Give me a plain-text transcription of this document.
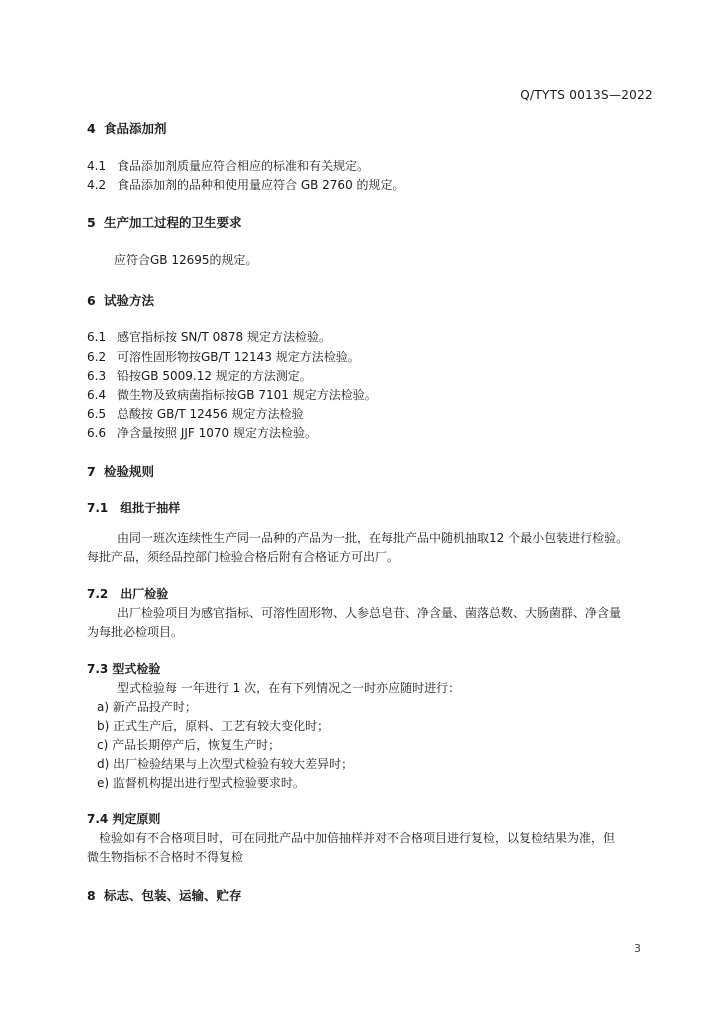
Q/TYTS 0013S—2022

4 食品添加剂

4.1 食品添加剂质量应符合相应的标准和有关规定。

4.2 食品添加剂的品种和使用量应符合 GB 2760 的规定。

5 生产加工过程的卫生要求

应符合GB 12695的规定。

6 试验方法

6.1 感官指标按 SN/T 0878 规定方法检验。

6.2 可溶性固形物按GB/T 12143 规定方法检验。

6.3 铅按GB 5009.12 规定的方法测定。

6.4 微生物及致病菌指标按GB 7101 规定方法检验。

6.5 总酸按 GB/T 12456 规定方法检验

6.6 净含量按照 JJF 1070 规定方法检验。

7 检验规则

7.1　组批于抽样

由同一班次连续性生产同一品种的产品为一批，在每批产品中随机抽取12 个最小包装进行检验。

每批产品，须经品控部门检验合格后附有合格证方可出厂。

7.2　出厂检验

出厂检验项目为感官指标、可溶性固形物、人参总皂苷、净含量、菌落总数、大肠菌群、净含量

为每批必检项目。

7.3 型式检验

型式检验每 一年进行 1 次，在有下列情况之一时亦应随时进行：

a) 新产品投产时；

b) 正式生产后，原料、工艺有较大变化时；

c) 产品长期停产后，恢复生产时；

d) 出厂检验结果与上次型式检验有较大差异时；

e) 监督机构提出进行型式检验要求时。

7.4 判定原则

检验如有不合格项目时，可在同批产品中加倍抽样并对不合格项目进行复检，以复检结果为准，但

微生物指标不合格时不得复检

8 标志、包装、运输、贮存

3
